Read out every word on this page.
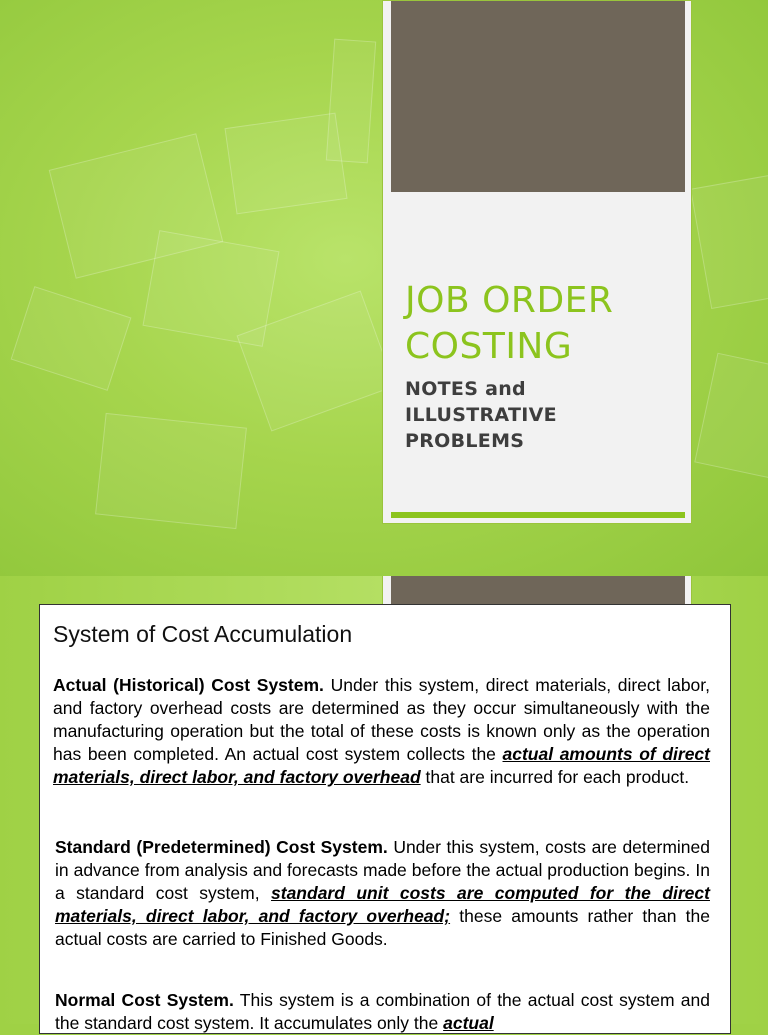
JOB ORDER COSTING

NOTES and ILLUSTRATIVE PROBLEMS

System of Cost Accumulation

Actual (Historical) Cost System. Under this system, direct materials, direct labor, and factory overhead costs are determined as they occur simultaneously with the manufacturing operation but the total of these costs is known only as the operation has been completed. An actual cost system collects the actual amounts of direct materials, direct labor, and factory overhead that are incurred for each product.

Standard (Predetermined) Cost System. Under this system, costs are determined in advance from analysis and forecasts made before the actual production begins. In a standard cost system, standard unit costs are computed for the direct materials, direct labor, and factory overhead; these amounts rather than the actual costs are carried to Finished Goods.

Normal Cost System. This system is a combination of the actual cost system and the standard cost system. It accumulates only the actual
